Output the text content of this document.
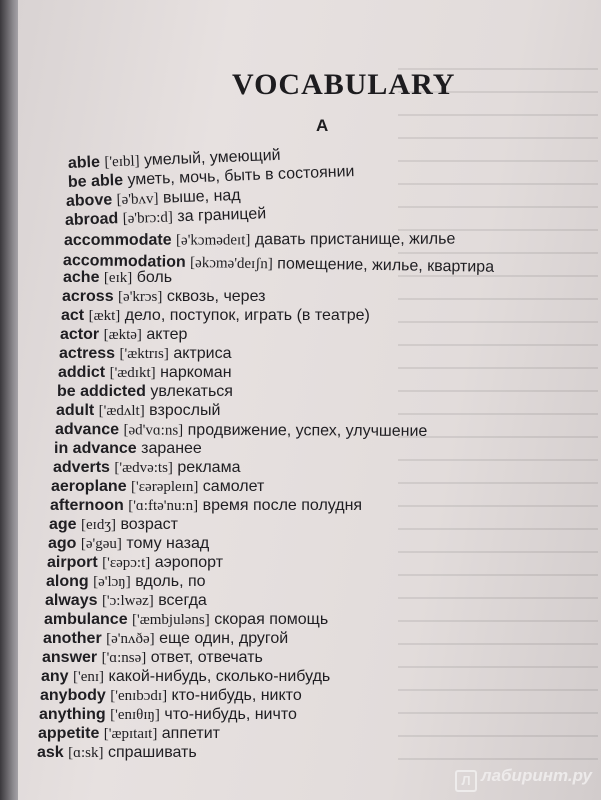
VOCABULARY
A
able ['eɪbl] умелый, умеющий
be able уметь, мочь, быть в состоянии
above [ə'bʌv] выше, над
abroad [ə'brɔ:d] за границей
accommodate [ə'kɔmədeɪt] давать пристанище, жилье
accommodation [əkɔmə'deɪʃn] помещение, жилье, квартира
ache [eɪk] боль
across [ə'krɔs] сквозь, через
act [ækt] дело, поступок, играть (в театре)
actor [æktə] актер
actress ['æktrɪs] актриса
addict ['ædɪkt] наркоман
be addicted увлекаться
adult ['ædʌlt] взрослый
advance [əd'vɑ:ns] продвижение, успех, улучшение
in advance заранее
adverts ['ædvə:ts] реклама
aeroplane ['ɛərəpleɪn] самолет
afternoon ['ɑ:ftə'nu:n] время после полудня
age [eɪdʒ] возраст
ago [ə'gəu] тому назад
airport ['ɛəpɔ:t] аэропорт
along [ə'lɔŋ] вдоль, по
always ['ɔ:lwəz] всегда
ambulance ['æmbjuləns] скорая помощь
another [ə'nʌðə] еще один, другой
answer ['ɑ:nsə] ответ, отвечать
any ['enɪ] какой-нибудь, сколько-нибудь
anybody ['enɪbɔdɪ] кто-нибудь, никто
anything ['enɪθɪŋ] что-нибудь, ничто
appetite ['æpɪtaɪt] аппетит
ask [ɑ:sk] спрашивать
Л лабиринт.ру
